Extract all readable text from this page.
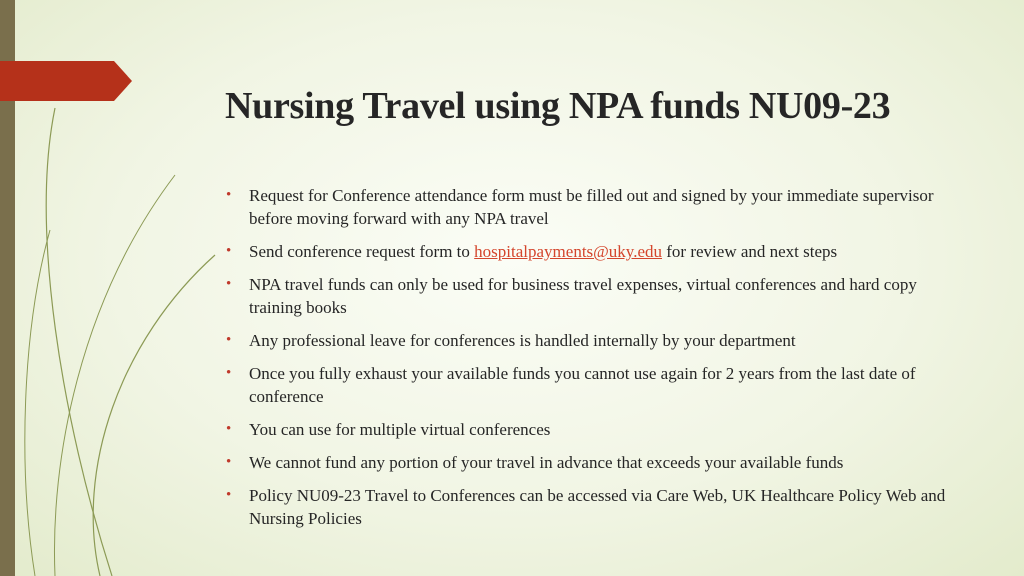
Nursing Travel using NPA funds NU09-23
• Request for Conference attendance form must be filled out and signed by your immediate supervisor before moving forward with any NPA travel
• Send conference request form to hospitalpayments@uky.edu for review and next steps
• NPA travel funds can only be used for business travel expenses, virtual conferences and hard copy training books
• Any professional leave for conferences is handled internally by your department
• Once you fully exhaust your available funds you cannot use again for 2 years from the last date of conference
• You can use for multiple virtual conferences
• We cannot fund any portion of your travel in advance that exceeds your available funds
• Policy NU09-23 Travel to Conferences can be accessed via Care Web, UK Healthcare Policy Web and Nursing Policies
